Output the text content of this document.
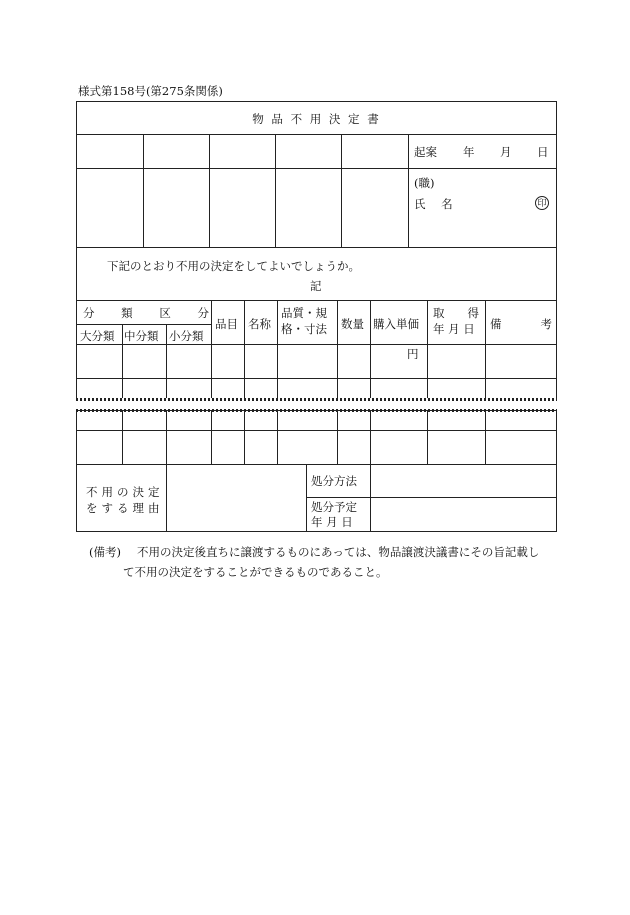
様式第158号(第275条関係)
物 品 不 用 決 定 書
起案 年 月 日
(職)
氏 名	印
下記のとおり不用の決定をしてよいでしょうか。
記
分　類　区　分
大分類 中分類 小分類
品目 名称
品質・規
格・寸法 数量 購入単価
取　　得
年 月 日 備　　　考
円
不用の決定
をする理由
処分方法
処分予定
年 月 日
(備考) 不用の決定後直ちに譲渡するものにあっては、物品譲渡決議書にその旨記載し
て不用の決定をすることができるものであること。
